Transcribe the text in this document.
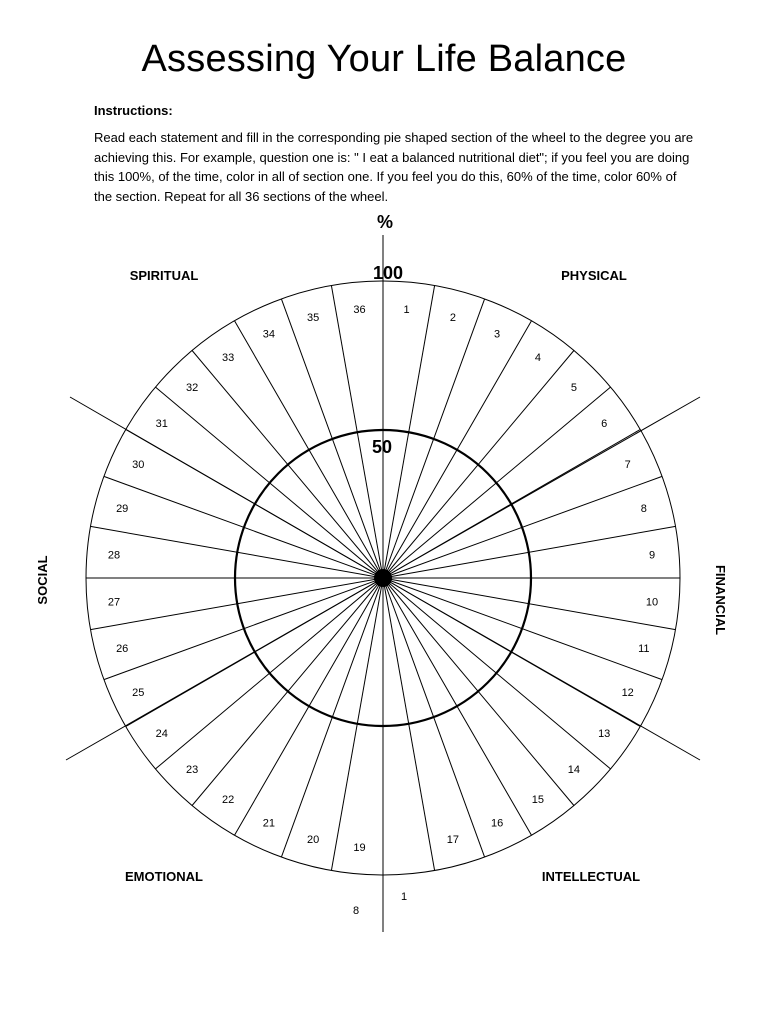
Assessing Your Life Balance
Instructions:

Read each statement and fill in the corresponding pie shaped section of the wheel to the degree you are achieving this. For example, question one is: " I eat a balanced nutritional diet"; if you feel you are doing this 100%, of the time, color in all of section one. If you feel you do this, 60% of the time, color 60% of the section. Repeat for all 36 sections of the wheel.

%
100
50
SPIRITUAL	PHYSICAL
EMOTIONAL	INTELLECTUAL
SOCIAL	FINANCIAL
1
2
3
4
5
6
7
8
9
10
11
12
13
14
15
16
17
1
19
20
21
22
23
24
25
26
27
28
29
30
31
32
33
34
35
36
8
